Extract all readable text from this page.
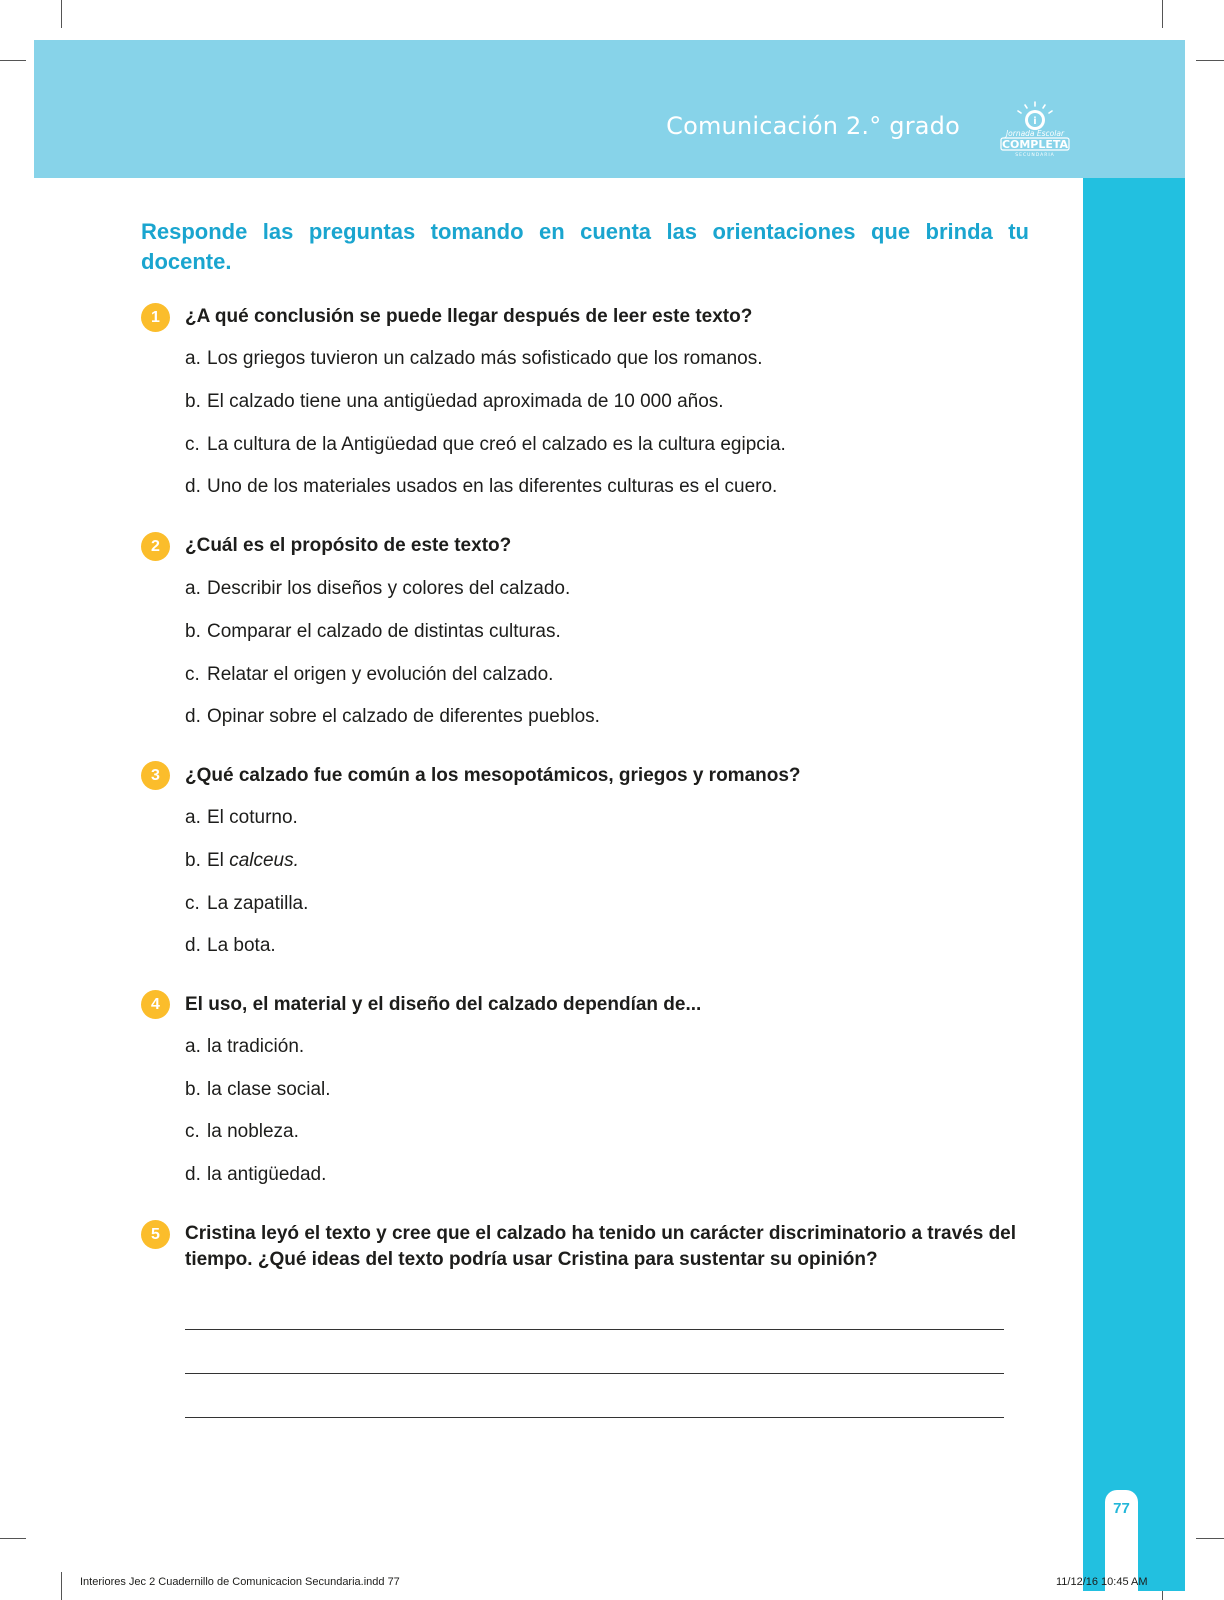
Comunicación 2.° grado	i
Jornada Escolar
COMPLETA
SECUNDARIA
77
Responde las preguntas tomando en cuenta las orientaciones que brinda tu docente.
1	¿A qué conclusión se puede llegar después de leer este texto?
a. Los griegos tuvieron un calzado más sofisticado que los romanos.
b. El calzado tiene una antigüedad aproximada de 10 000 años.
c. La cultura de la Antigüedad que creó el calzado es la cultura egipcia.
d. Uno de los materiales usados en las diferentes culturas es el cuero.
2	¿Cuál es el propósito de este texto?
a. Describir los diseños y colores del calzado.
b. Comparar el calzado de distintas culturas.
c. Relatar el origen y evolución del calzado.
d. Opinar sobre el calzado de diferentes pueblos.
3	¿Qué calzado fue común a los mesopotámicos, griegos y romanos?
a. El coturno.
b. El calceus.
c. La zapatilla.
d. La bota.
4	El uso, el material y el diseño del calzado dependían de...
a. la tradición.
b. la clase social.
c. la nobleza.
d. la antigüedad.
5	Cristina leyó el texto y cree que el calzado ha tenido un carácter discriminatorio a través del tiempo. ¿Qué ideas del texto podría usar Cristina para sustentar su opinión?
Interiores Jec 2 Cuadernillo de Comunicacion Secundaria.indd 77	11/12/16 10:45 AM
